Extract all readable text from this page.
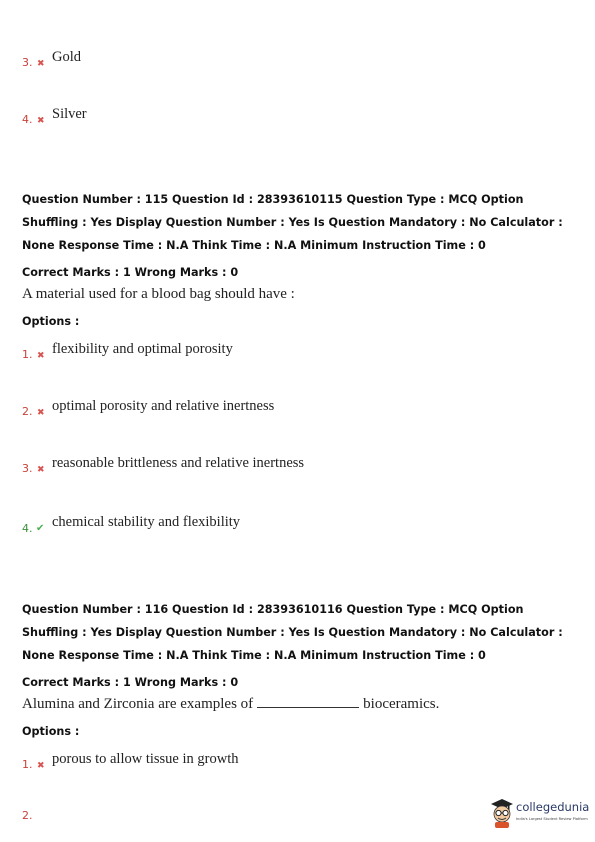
3. ✖ Gold
4. ✖ Silver
Question Number : 115 Question Id : 28393610115 Question Type : MCQ Option Shuffling : Yes Display Question Number : Yes Is Question Mandatory : No Calculator : None Response Time : N.A Think Time : N.A Minimum Instruction Time : 0
Correct Marks : 1 Wrong Marks : 0
A material used for a blood bag should have :
Options :
1. ✖ flexibility and optimal porosity
2. ✖ optimal porosity and relative inertness
3. ✖ reasonable brittleness and relative inertness
4. ✔ chemical stability and flexibility
Question Number : 116 Question Id : 28393610116 Question Type : MCQ Option Shuffling : Yes Display Question Number : Yes Is Question Mandatory : No Calculator : None Response Time : N.A Think Time : N.A Minimum Instruction Time : 0
Correct Marks : 1 Wrong Marks : 0
Alumina and Zirconia are examples of	bioceramics.
Options :
1. ✖ porous to allow tissue in growth
2.
collegedunia
India's Largest Student Review Platform
